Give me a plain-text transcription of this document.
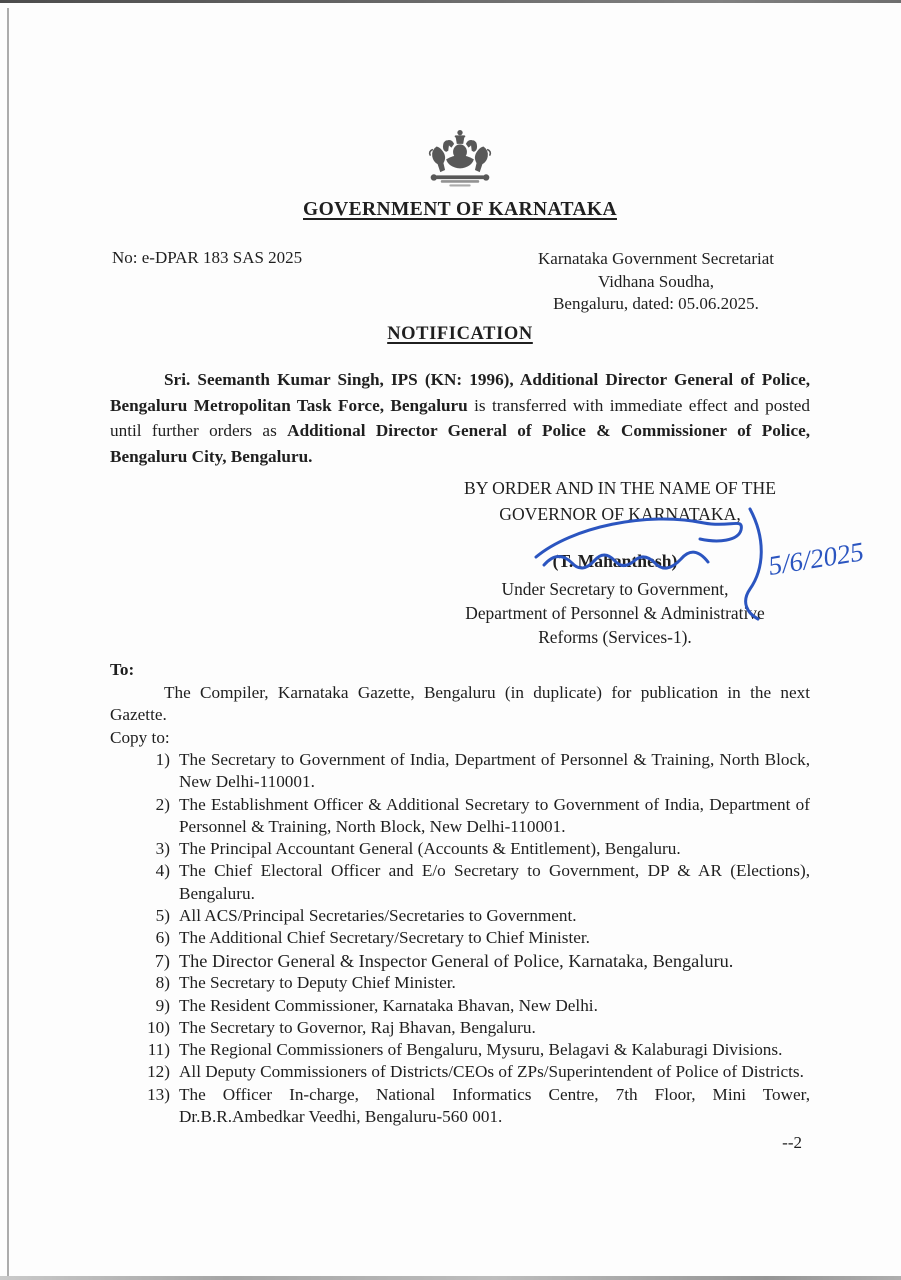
GOVERNMENT OF KARNATAKA
No: e-DPAR 183 SAS 2025	Karnataka Government Secretariat
Vidhana Soudha,
Bengaluru, dated: 05.06.2025.
NOTIFICATION

Sri. Seemanth Kumar Singh, IPS (KN: 1996), Additional Director General of Police, Bengaluru Metropolitan Task Force, Bengaluru is transferred with immediate effect and posted until further orders as Additional Director General of Police & Commissioner of Police, Bengaluru City, Bengaluru.

BY ORDER AND IN THE NAME OF THE
GOVERNOR OF KARNATAKA,
5/6/2025
(T. Mahanthesh)
Under Secretary to Government,
Department of Personnel & Administrative
Reforms (Services-1).
To:

The Compiler, Karnataka Gazette, Bengaluru (in duplicate) for publication in the next Gazette.

Copy to:
1) The Secretary to Government of India, Department of Personnel & Training, North Block, New Delhi-110001.
2) The Establishment Officer & Additional Secretary to Government of India, Department of Personnel & Training, North Block, New Delhi-110001.
3) The Principal Accountant General (Accounts & Entitlement), Bengaluru.
4) The Chief Electoral Officer and E/o Secretary to Government, DP & AR (Elections), Bengaluru.
5) All ACS/Principal Secretaries/Secretaries to Government.
6) The Additional Chief Secretary/Secretary to Chief Minister.
7) The Director General & Inspector General of Police, Karnataka, Bengaluru.
8) The Secretary to Deputy Chief Minister.
9) The Resident Commissioner, Karnataka Bhavan, New Delhi.
10) The Secretary to Governor, Raj Bhavan, Bengaluru.
11) The Regional Commissioners of Bengaluru, Mysuru, Belagavi & Kalaburagi Divisions.
12) All Deputy Commissioners of Districts/CEOs of ZPs/Superintendent of Police of Districts.
13) The Officer In-charge, National Informatics Centre, 7th Floor, Mini Tower, Dr.B.R.Ambedkar Veedhi, Bengaluru-560 001.
--2
